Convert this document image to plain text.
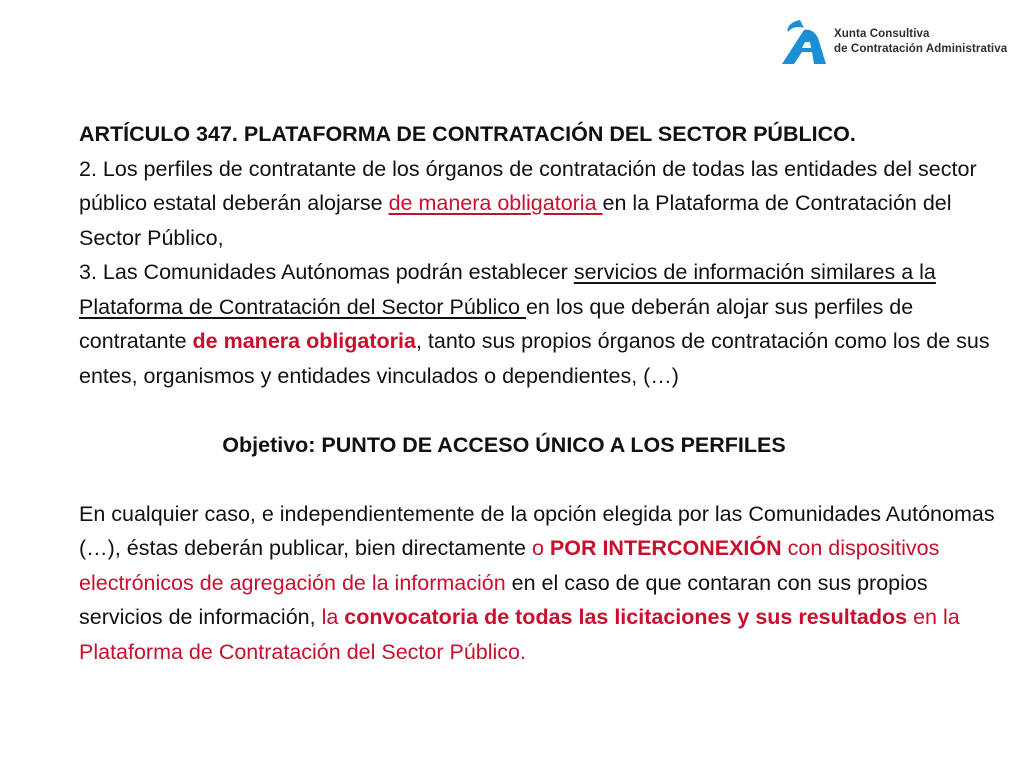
Xunta Consultiva
de Contratación Administrativa

ARTÍCULO 347. PLATAFORMA DE CONTRATACIÓN DEL SECTOR PÚBLICO.

2. Los perfiles de contratante de los órganos de contratación de todas las entidades del sector público estatal deberán alojarse de manera obligatoria en la Plataforma de Contratación del Sector Público,

3. Las Comunidades Autónomas podrán establecer servicios de información similares a la Plataforma de Contratación del Sector Público en los que deberán alojar sus perfiles de contratante de manera obligatoria, tanto sus propios órganos de contratación como los de sus entes, organismos y entidades vinculados o dependientes, (…)

Objetivo: PUNTO DE ACCESO ÚNICO A LOS PERFILES

En cualquier caso, e independientemente de la opción elegida por las Comunidades Autónomas (…), éstas deberán publicar, bien directamente o POR INTERCONEXIÓN con dispositivos electrónicos de agregación de la información en el caso de que contaran con sus propios servicios de información, la convocatoria de todas las licitaciones y sus resultados en la Plataforma de Contratación del Sector Público.
